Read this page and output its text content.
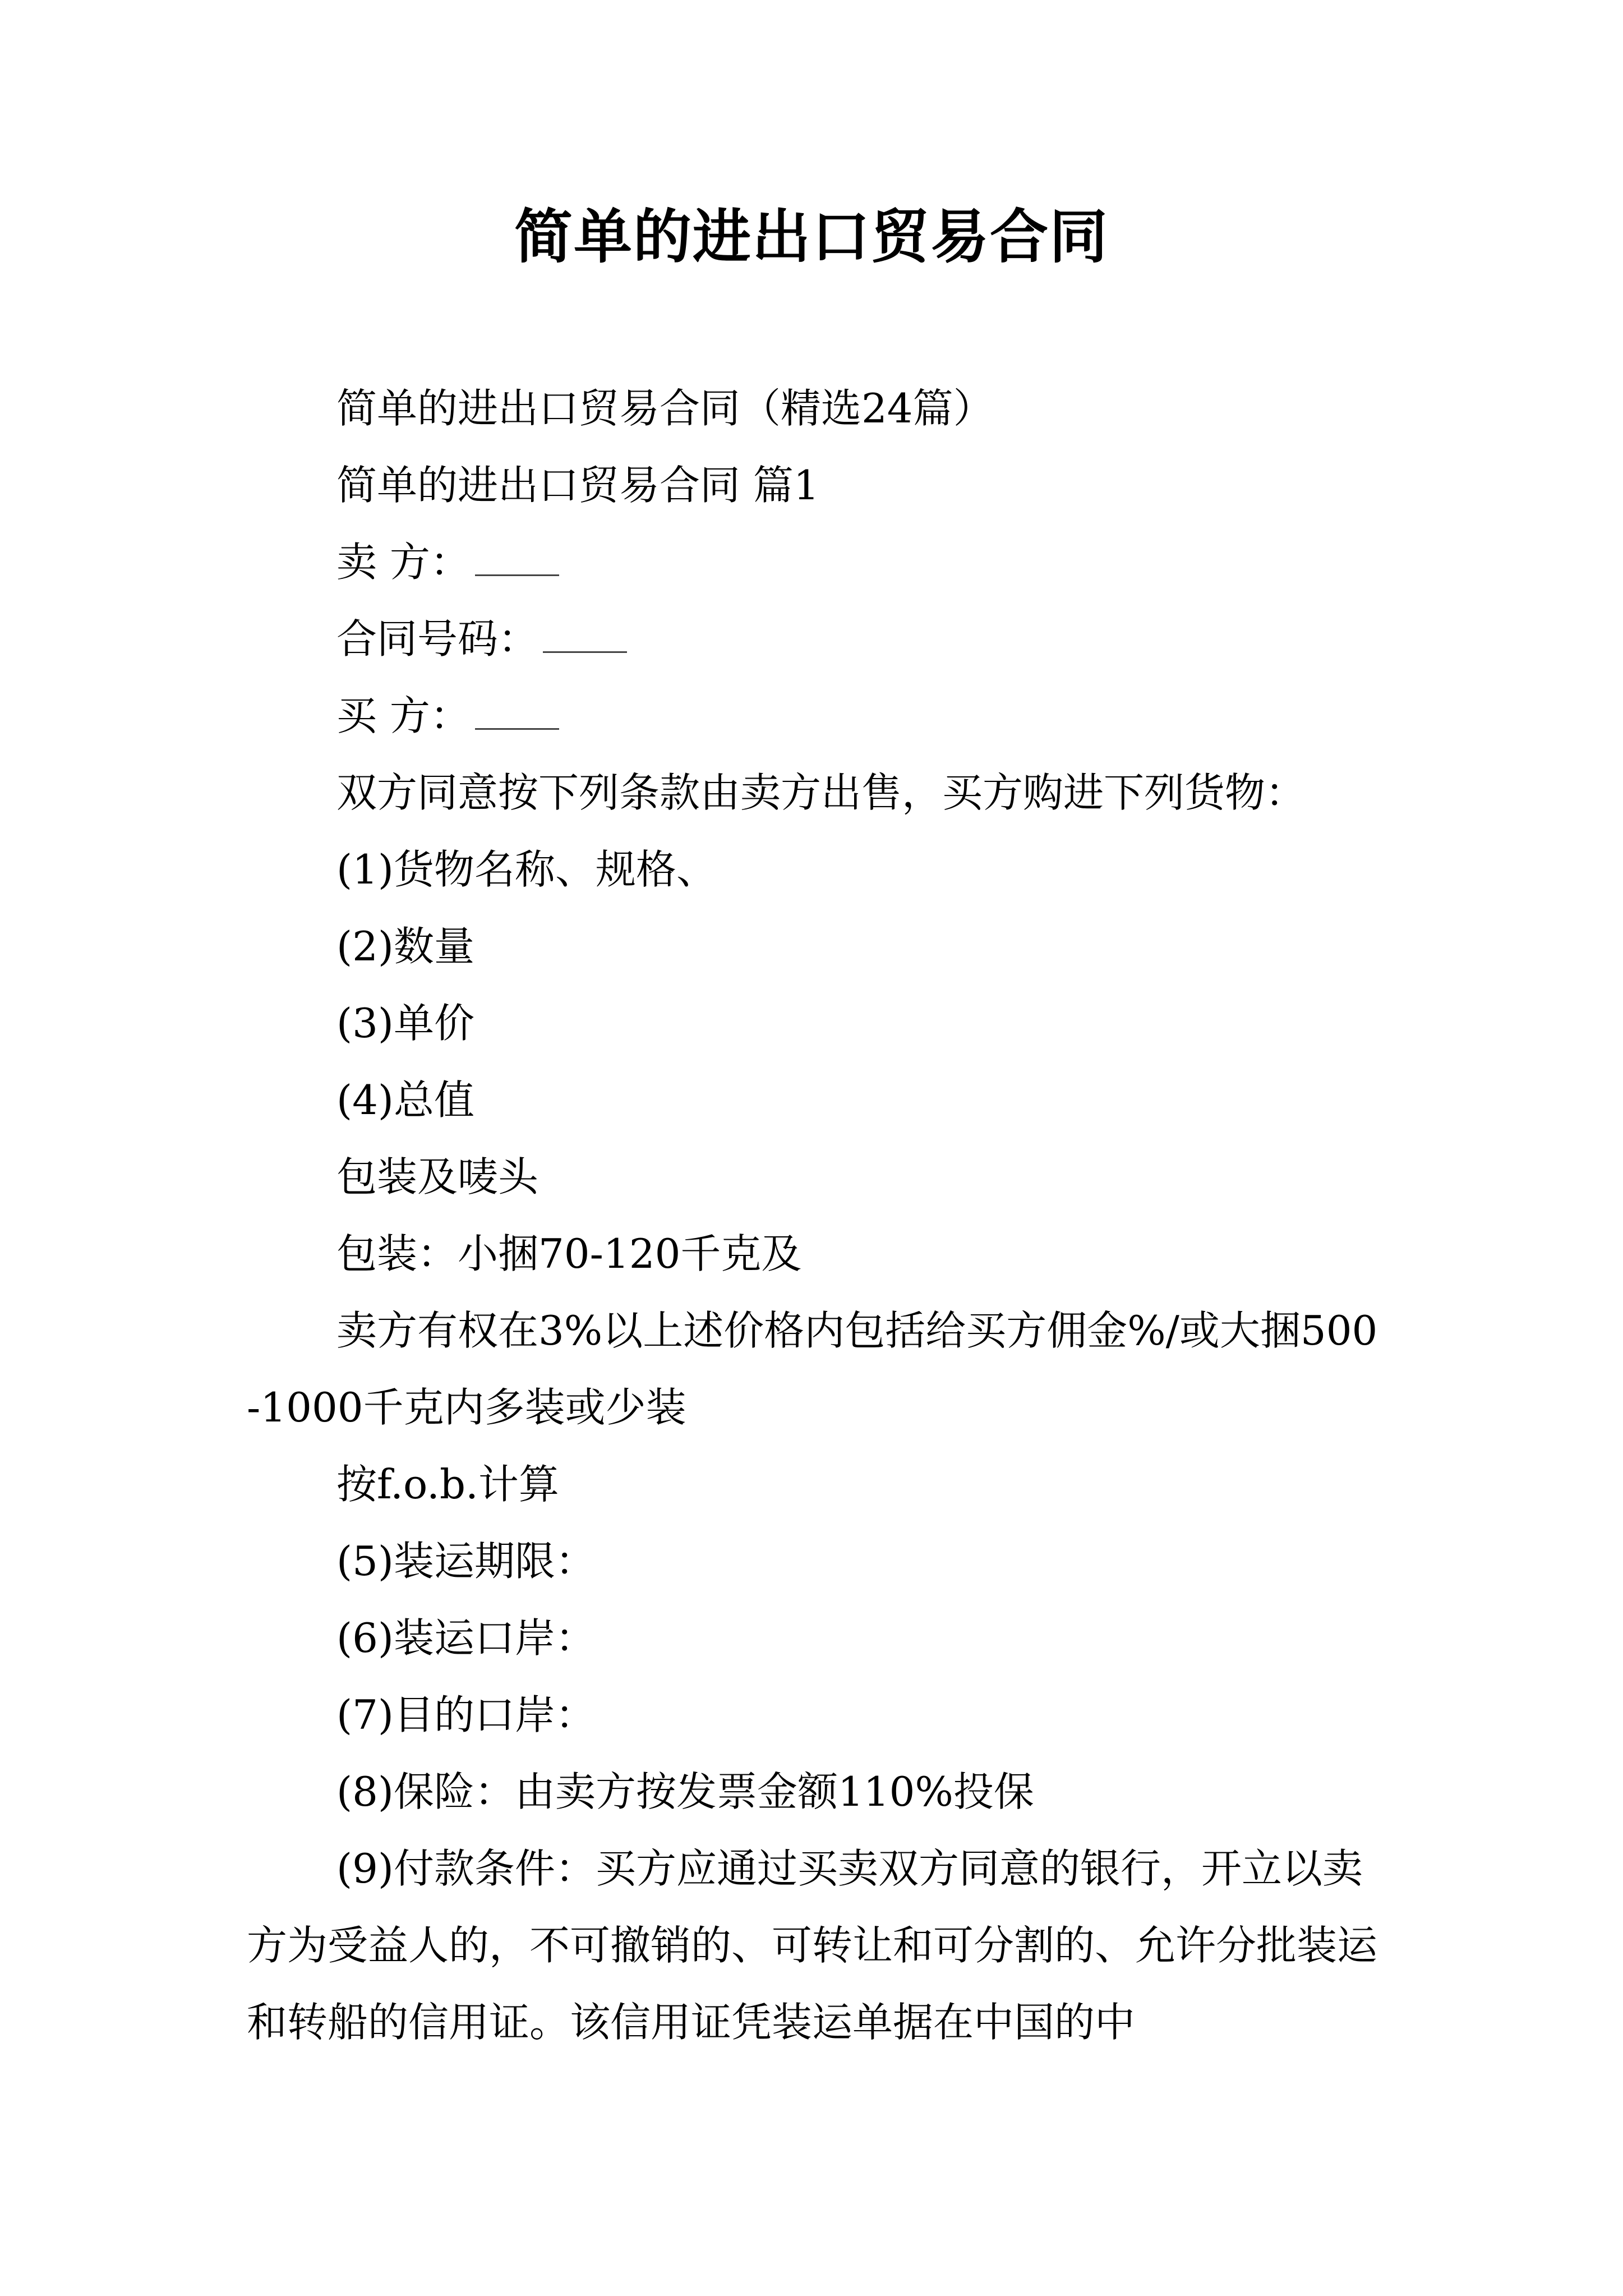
简单的进出口贸易合同

简单的进出口贸易合同（精选24篇）

简单的进出口贸易合同 篇1

卖 方：

合同号码：

买 方：

双方同意按下列条款由卖方出售，买方购进下列货物：

(1)货物名称、规格、

(2)数量

(3)单价

(4)总值

包装及唛头

包装：小捆70-120千克及

卖方有权在3%以上述价格内包括给买方佣金%/或大捆500-1000千克内多装或少装

按f.o.b.计算

(5)装运期限：

(6)装运口岸：

(7)目的口岸：

(8)保险：由卖方按发票金额110%投保

(9)付款条件：买方应通过买卖双方同意的银行，开立以卖方为受益人的，不可撤销的、可转让和可分割的、允许分批装运和转船的信用证。该信用证凭装运单据在中国的中
